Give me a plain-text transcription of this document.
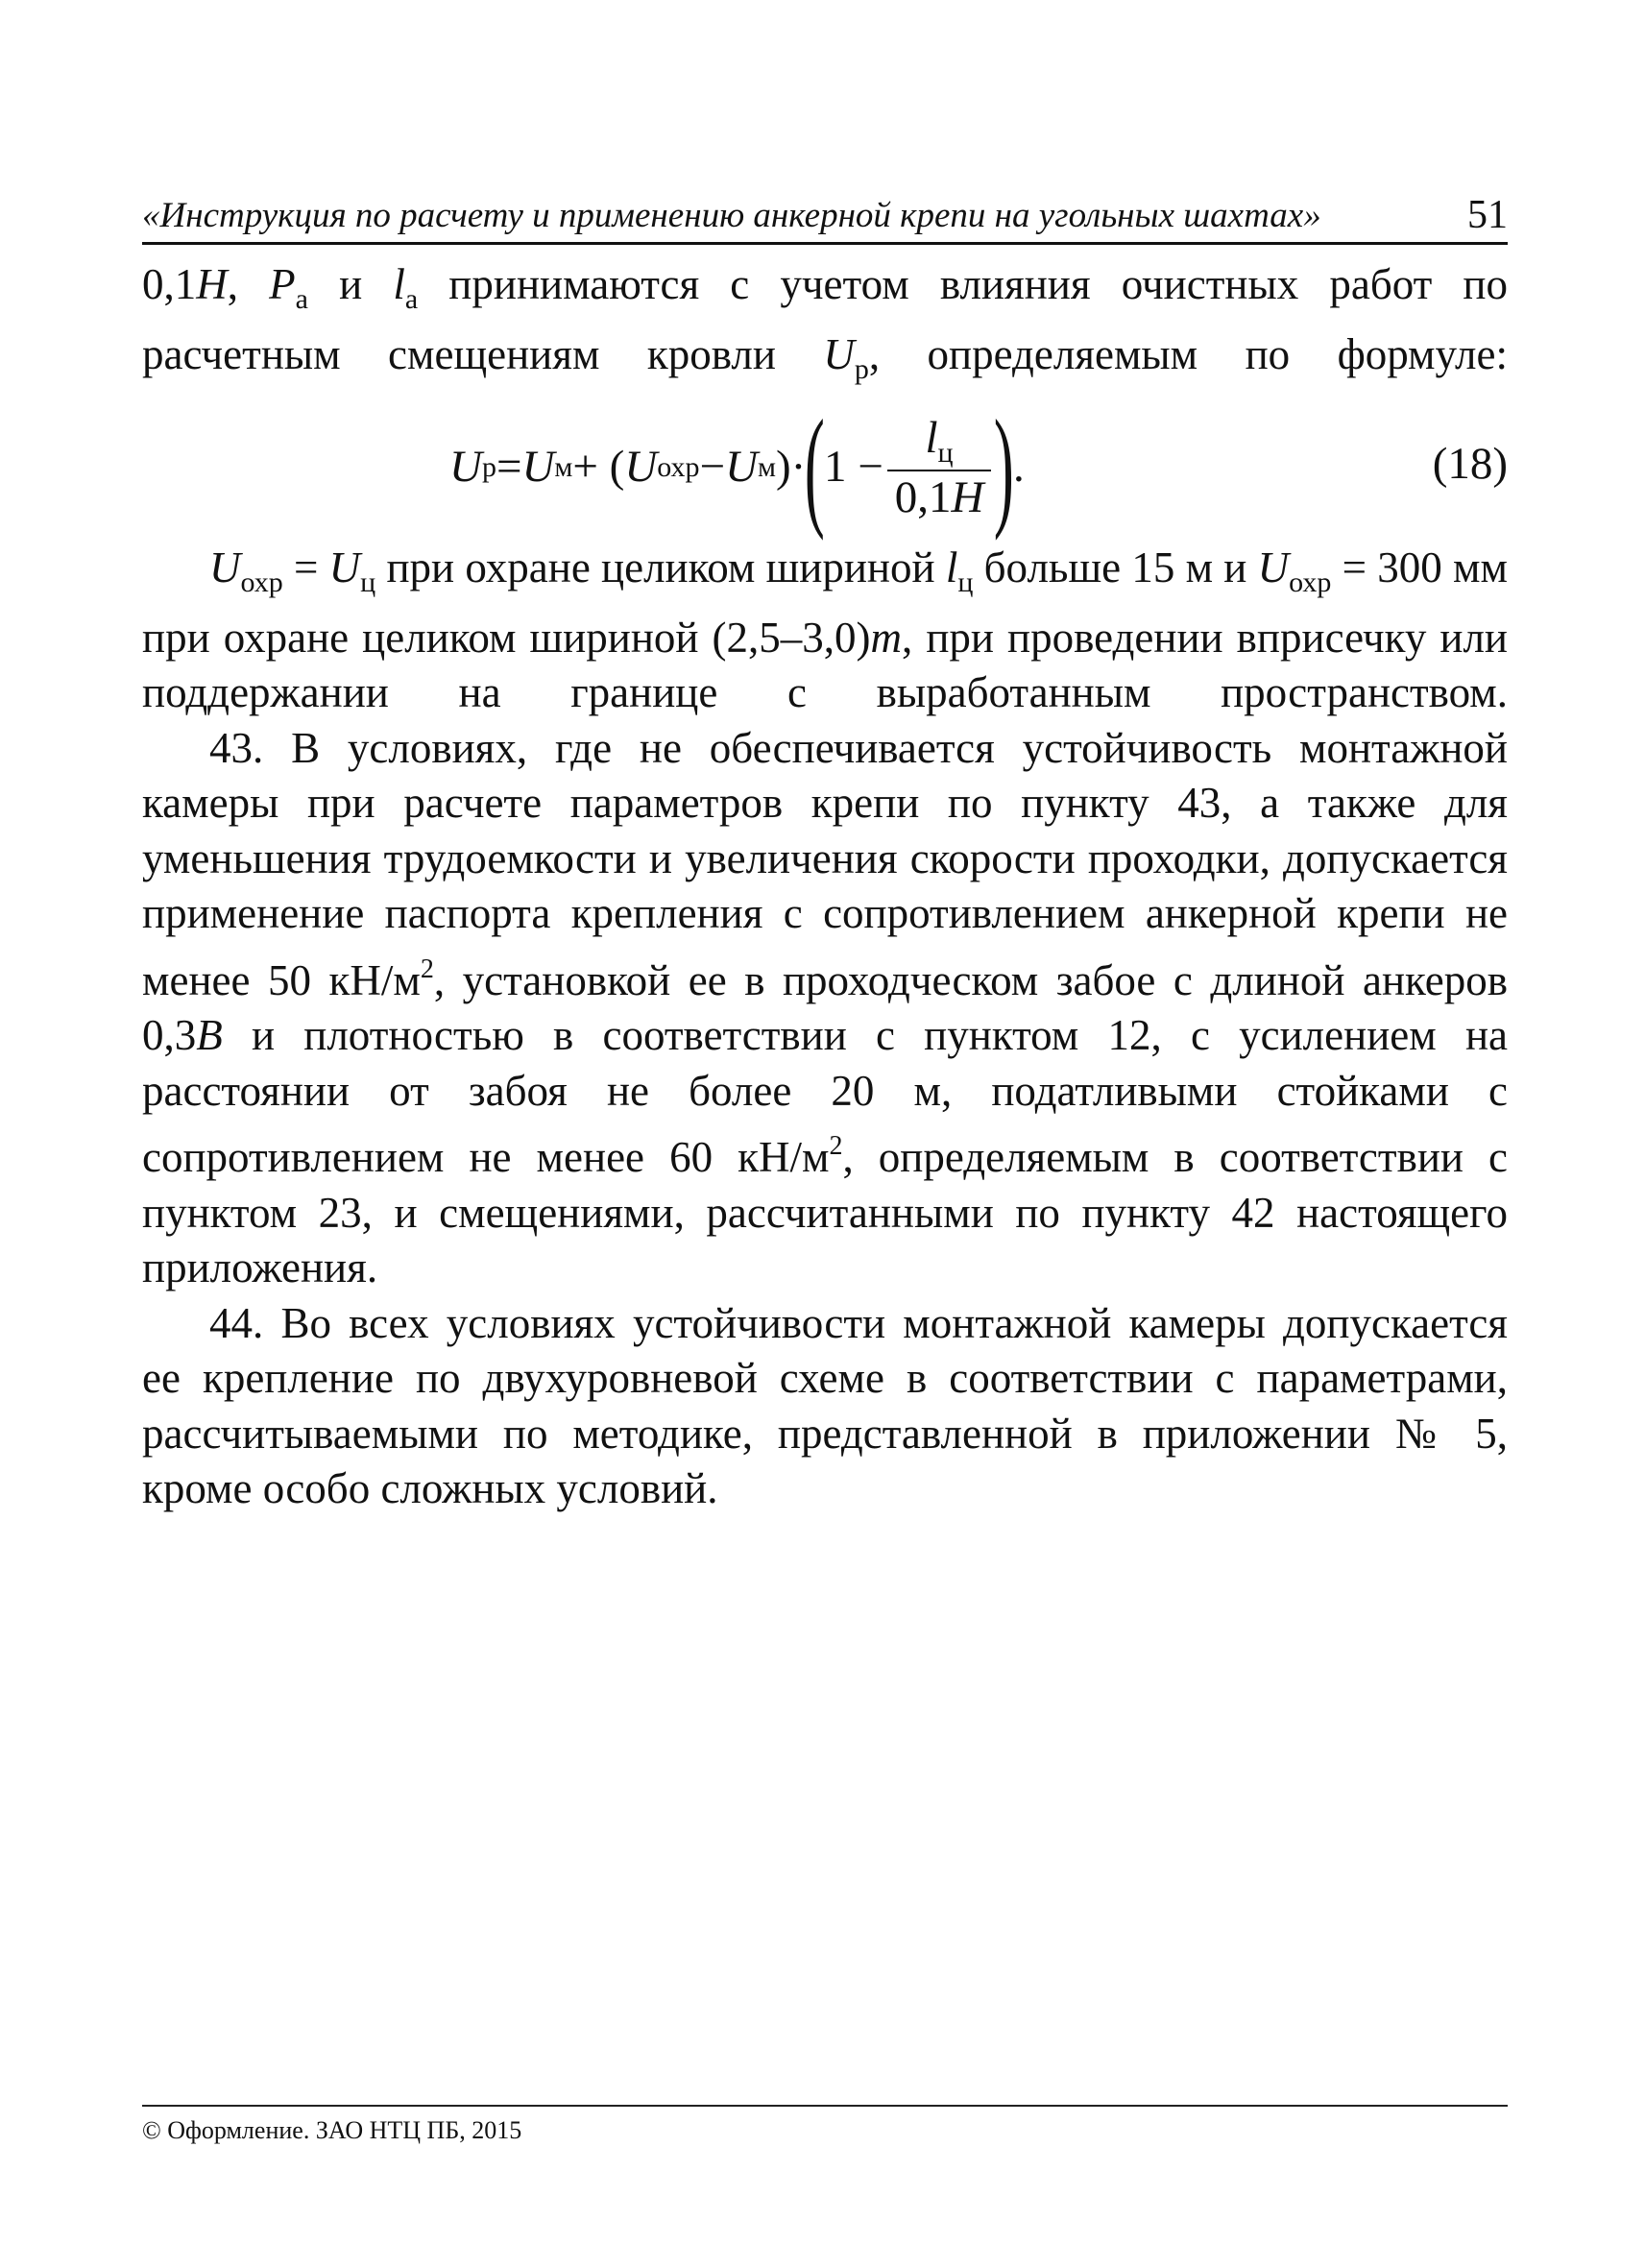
«Инструкция по расчету и применению анкерной крепи на угольных шахтах»	51

0,1H, $P_а$ и $l_а$ принимаются с учетом влияния очистных работ по расчетным смещениям кровли $U_р$, определяемым по формуле:

U р = U м + ( U охр − U м )·
(
$1 - \frac{l_ц}{0,1H}$ )
.	(18)

$U_{охр} = U_ц$ при охране целиком шириной $l_ц$ больше 15 м и $U_{охр} = 300$ мм при охране целиком шириной (2,5–3,0)m, при проведении вприсечку или поддержании на границе с выработанным пространством.

43. В условиях, где не обеспечивается устойчивость монтажной камеры при расчете параметров крепи по пункту 43, а также для уменьшения трудоемкости и увеличения скорости проходки, допускается применение паспорта крепления с сопротивлением анкерной крепи не менее 50 $кН/м^2$, установкой ее в проходческом забое с длиной анкеров 0,3B и плотностью в соответствии с пунктом 12, с усилением на расстоянии от забоя не более 20 м, податливыми стойками с сопротивлением не менее 60 $кН/м^2$, определяемым в соответствии с пунктом 23, и смещениями, рассчитанными по пункту 42 настоящего приложения.

44. Во всех условиях устойчивости монтажной камеры допускается ее крепление по двухуровневой схеме в соответствии с параметрами, рассчитываемыми по методике, представленной в приложении № 5, кроме особо сложных условий.

© Оформление. ЗАО НТЦ ПБ, 2015
